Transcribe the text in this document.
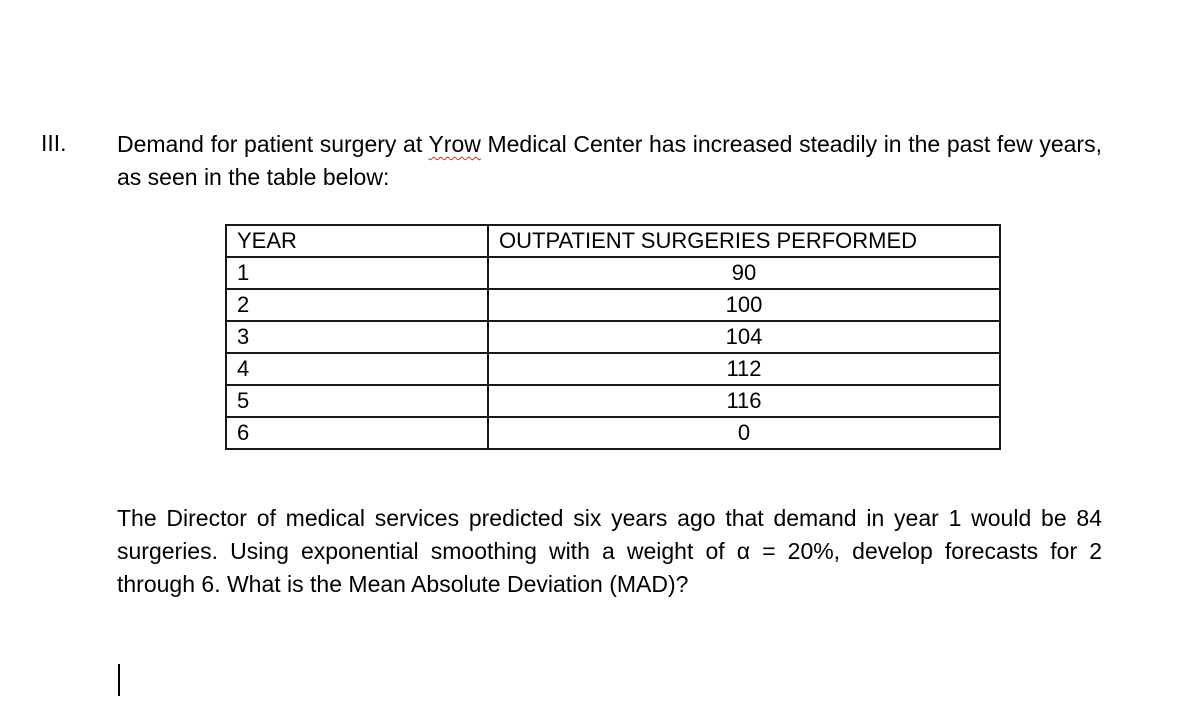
III. Demand for patient surgery at Yrow Medical Center has increased steadily in the past few years, as seen in the table below:

YEAR	OUTPATIENT SURGERIES PERFORMED
1	90
2	100
3	104
4	112
5	116
6	0

The Director of medical services predicted six years ago that demand in year 1 would be 84 surgeries. Using exponential smoothing with a weight of α = 20%, develop forecasts for 2 through 6. What is the Mean Absolute Deviation (MAD)?
